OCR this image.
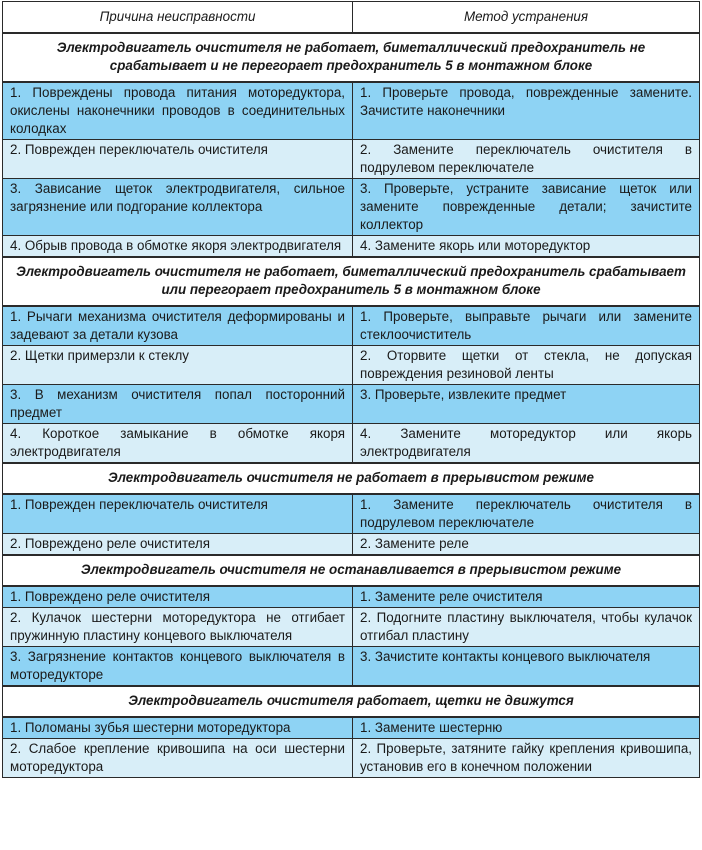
Причина неисправности	Метод устранения
Электродвигатель очистителя не работает, биметаллический предохранитель не срабатывает и не перегорает предохранитель 5 в монтажном блоке	
1. Повреждены провода питания моторедуктора, окислены наконечники проводов в соединительных колодках	1. Проверьте провода, поврежденные замените. Зачистите наконечники
2. Поврежден переключатель очистителя	2. Замените переключатель очистителя в подрулевом переключателе
3. Зависание щеток электродвигателя, сильное загрязнение или подгорание коллектора	3. Проверьте, устраните зависание щеток или замените поврежденные детали; зачистите коллектор
4. Обрыв провода в обмотке якоря электродвигателя	4. Замените якорь или моторедуктор
Электродвигатель очистителя не работает, биметаллический предохранитель срабатывает или перегорает предохранитель 5 в монтажном блоке	
1. Рычаги механизма очистителя деформированы и задевают за детали кузова	1. Проверьте, выправьте рычаги или замените стеклоочиститель
2. Щетки примерзли к стеклу	2. Оторвите щетки от стекла, не допуская повреждения резиновой ленты
3. В механизм очистителя попал посторонний предмет	3. Проверьте, извлеките предмет
4. Короткое замыкание в обмотке якоря электродвигателя	4. Замените моторедуктор или якорь электродвигателя
Электродвигатель очистителя не работает в прерывистом режиме	
1. Поврежден переключатель очистителя	1. Замените переключатель очистителя в подрулевом переключателе
2. Повреждено реле очистителя	2. Замените реле
Электродвигатель очистителя не останавливается в прерывистом режиме	
1. Повреждено реле очистителя	1. Замените реле очистителя
2. Кулачок шестерни моторедуктора не отгибает пружинную пластину концевого выключателя	2. Подогните пластину выключателя, чтобы кулачок отгибал пластину
3. Загрязнение контактов концевого выключателя в моторедукторе	3. Зачистите контакты концевого выключателя
Электродвигатель очистителя работает, щетки не движутся	
1. Поломаны зубья шестерни моторедуктора	1. Замените шестерню
2. Слабое крепление кривошипа на оси шестерни моторедуктора	2. Проверьте, затяните гайку крепления кривошипа, установив его в конечном положении
